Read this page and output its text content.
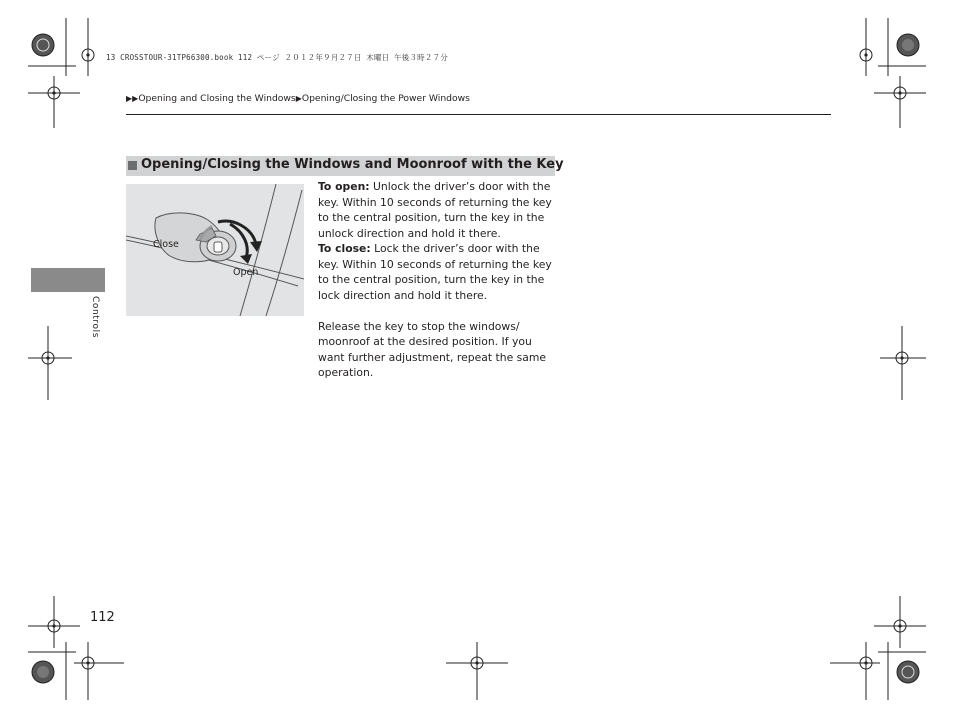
13 CROSSTOUR-31TP66300.book 112 ページ ２０１２年９月２７日 木曜日 午後３時２７分
▶▶Opening and Closing the Windows▶Opening/Closing the Power Windows
Controls
Opening/Closing the Windows and Moonroof with the Key
Close
Open

To open: Unlock the driver’s door with the key. Within 10 seconds of returning the key to the central position, turn the key in the unlock direction and hold it there.

To close: Lock the driver’s door with the key. Within 10 seconds of returning the key to the central position, turn the key in the lock direction and hold it there.

Release the key to stop the windows/ moonroof at the desired position. If you want further adjustment, repeat the same operation.

112
